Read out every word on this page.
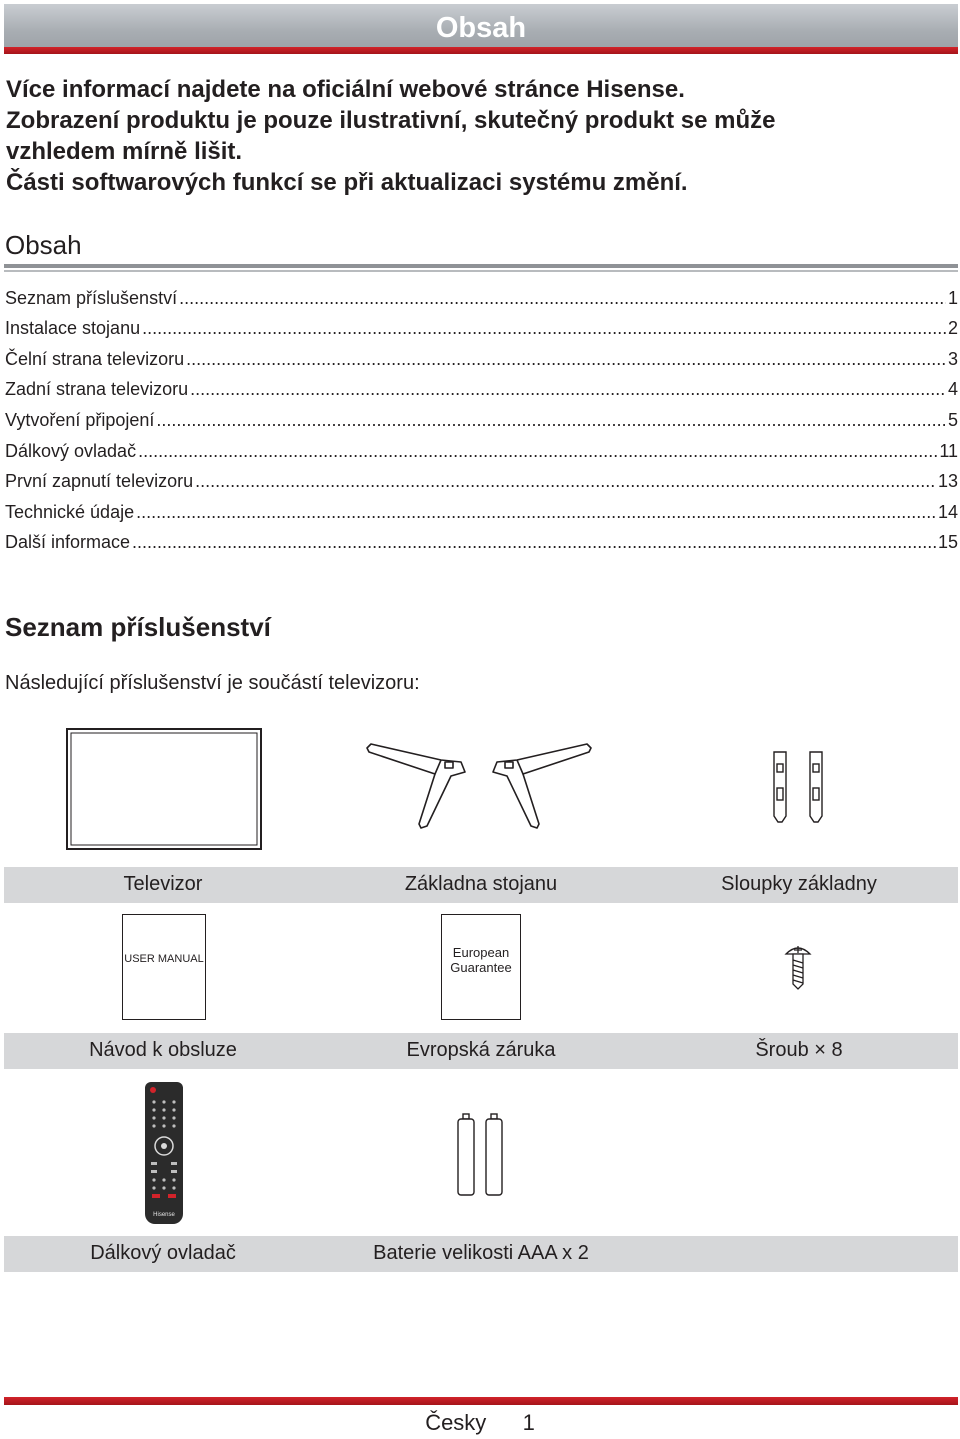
Obsah
Více informací najdete na oficiální webové stránce Hisense.
Zobrazení produktu je pouze ilustrativní, skutečný produkt se může
vzhledem mírně lišit.
Části softwarových funkcí se při aktualizaci systému změní.
Obsah
Seznam příslušenství .....	1
Instalace stojanu .....	2
Čelní strana televizoru .....	3
Zadní strana televizoru .....	4
Vytvoření připojení .....	5
Dálkový ovladač .....	11
První zapnutí televizoru .....	13
Technické údaje .....	14
Další informace .....	15
Seznam příslušenství
Následující příslušenství je součástí televizoru:
Televizor	Základna stojanu	Sloupky základny
USER MANUAL	European
Guarantee
Návod k obsluze	Evropská záruka	Šroub × 8
Hisense
Dálkový ovladač	Baterie velikosti AAA x 2
Česky 1
